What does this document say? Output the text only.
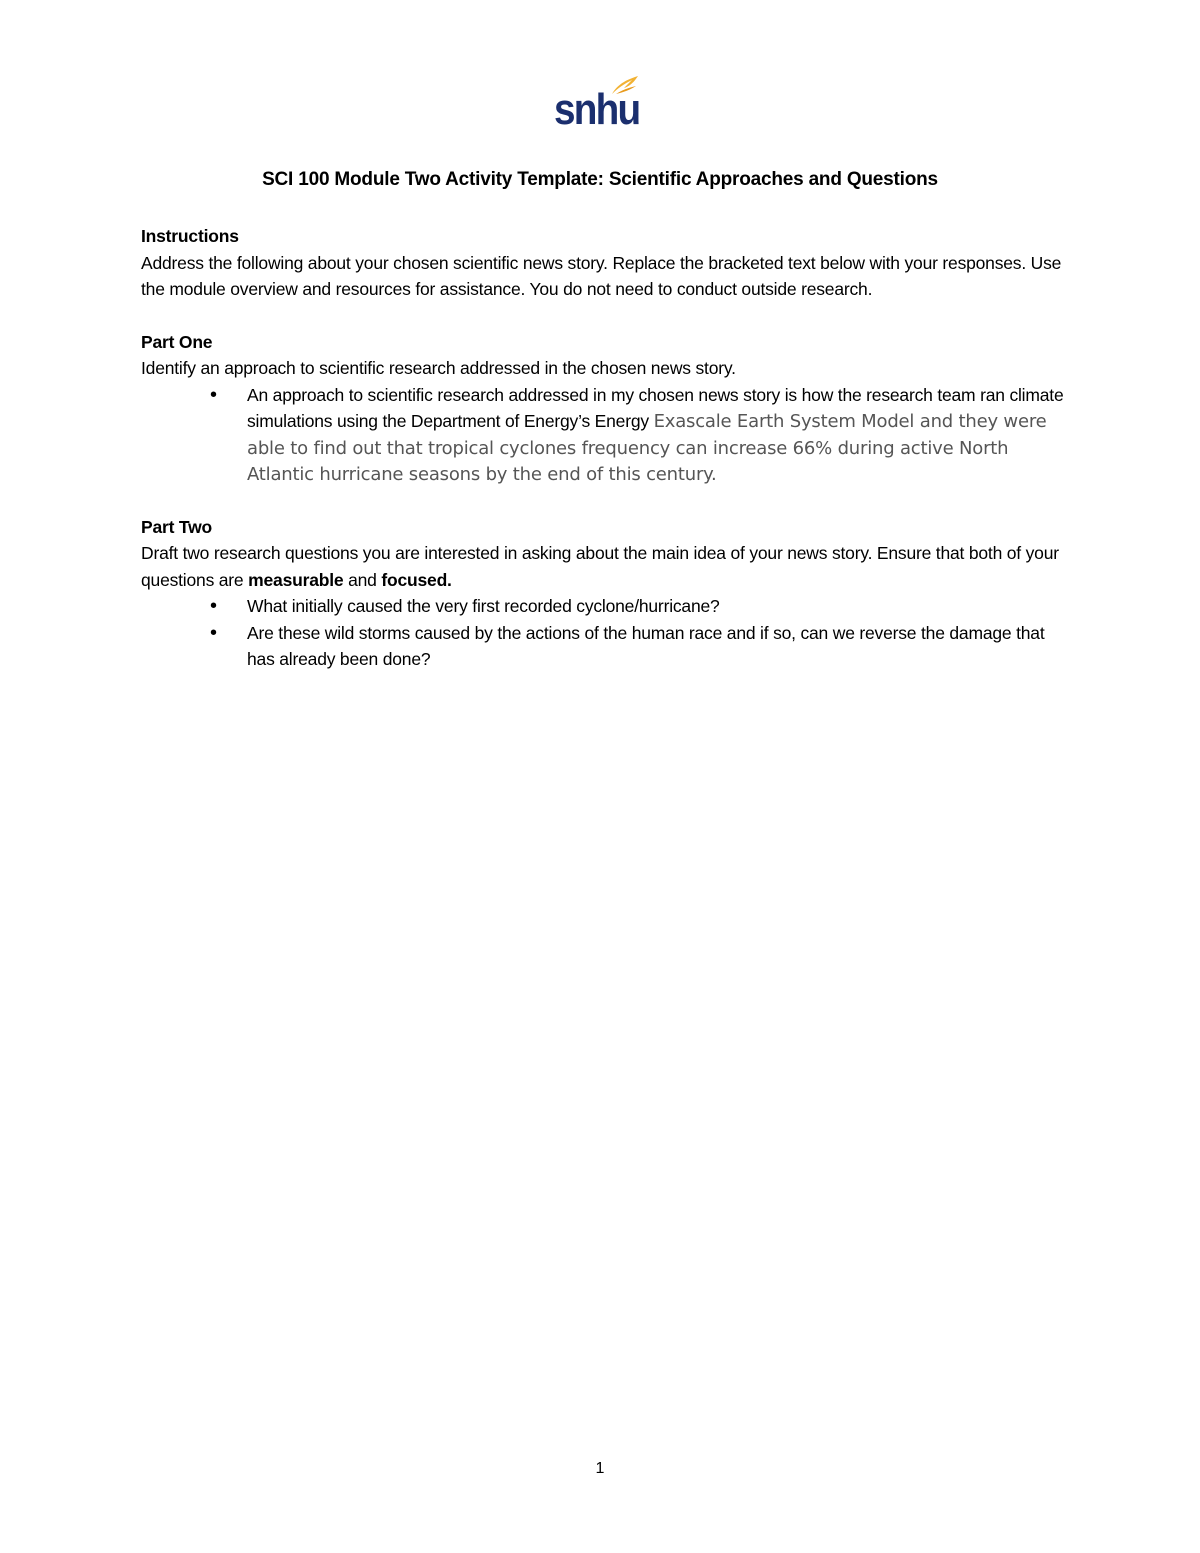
snhu
SCI 100 Module Two Activity Template: Scientific Approaches and Questions

Instructions

Address the following about your chosen scientific news story. Replace the bracketed text below with your responses. Use the module overview and resources for assistance. You do not need to conduct outside research.

Part One

Identify an approach to scientific research addressed in the chosen news story.

• An approach to scientific research addressed in my chosen news story is how the research team ran climate simulations using the Department of Energy’s Energy Exascale Earth System Model and they were able to find out that tropical cyclones frequency can increase 66% during active North Atlantic hurricane seasons by the end of this century.

Part Two

Draft two research questions you are interested in asking about the main idea of your news story. Ensure that both of your questions are measurable and focused.

• What initially caused the very first recorded cyclone/hurricane?
• Are these wild storms caused by the actions of the human race and if so, can we reverse the damage that has already been done?
1
